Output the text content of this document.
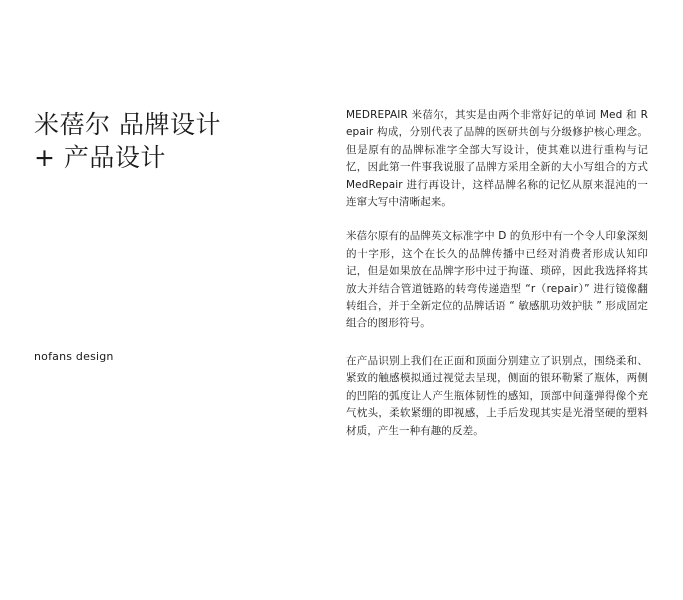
米蓓尔 品牌设计
+ 产品设计

nofans design

MEDREPAIR 米蓓尔，其实是由两个非常好记的单词 Med 和 Repair 构成，分别代表了品牌的医研共创与分级修护核心理念。但是原有的品牌标准字全部大写设计，使其难以进行重构与记忆，因此第一件事我说服了品牌方采用全新的大小写组合的方式 MedRepair 进行再设计，这样品牌名称的记忆从原来混沌的一连窜大写中清晰起来。

米蓓尔原有的品牌英文标准字中 D 的负形中有一个令人印象深刻的十字形，这个在长久的品牌传播中已经对消费者形成认知印记，但是如果放在品牌字形中过于拘谨、琐碎，因此我选择将其放大并结合管道链路的转弯传递造型 “r（repair）” 进行镜像翻转组合，并于全新定位的品牌话语 “ 敏感肌功效护肤 ” 形成固定组合的图形符号。

在产品识别上我们在正面和顶面分别建立了识别点，围绕柔和、紧致的触感模拟通过视觉去呈现，侧面的银环勒紧了瓶体，两侧的凹陷的弧度让人产生瓶体韧性的感知，顶部中间蓬弹得像个充气枕头，柔软紧绷的即视感，上手后发现其实是光滑坚硬的塑料材质，产生一种有趣的反差。
